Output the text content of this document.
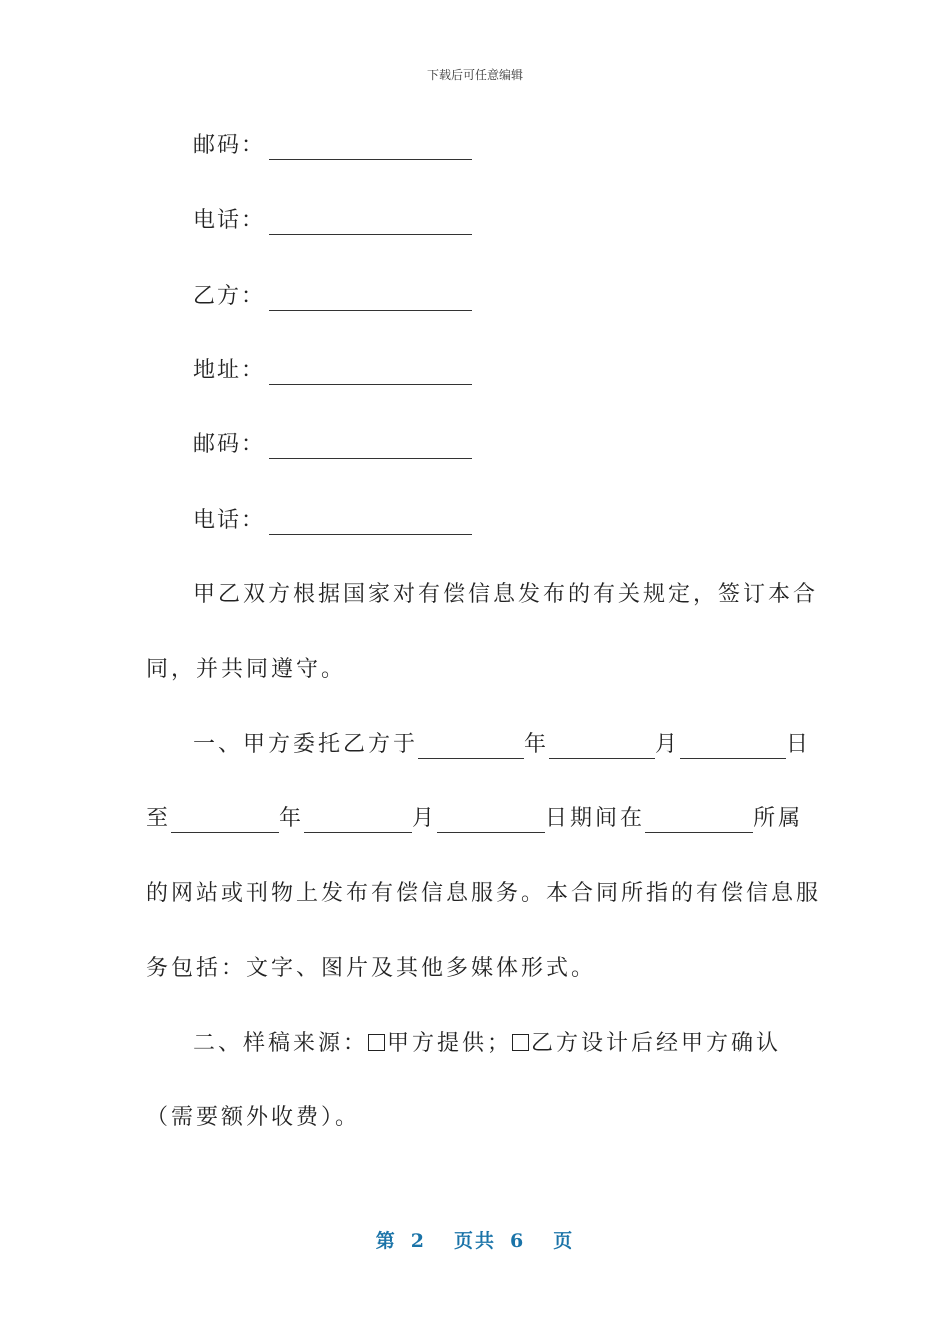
下载后可任意编辑
邮码：
电话：
乙方：
地址：
邮码：
电话：
甲乙双方根据国家对有偿信息发布的有关规定，签订本合
同，并共同遵守。
一、甲方委托乙方于	年	月	日
至	年	月	日期间在	所属
的网站或刊物上发布有偿信息服务。本合同所指的有偿信息服
务包括：文字、图片及其他多媒体形式。
二、样稿来源： 甲方提供； 乙方设计后经甲方确认
（需要额外收费）。
第 2 页共 6 页
